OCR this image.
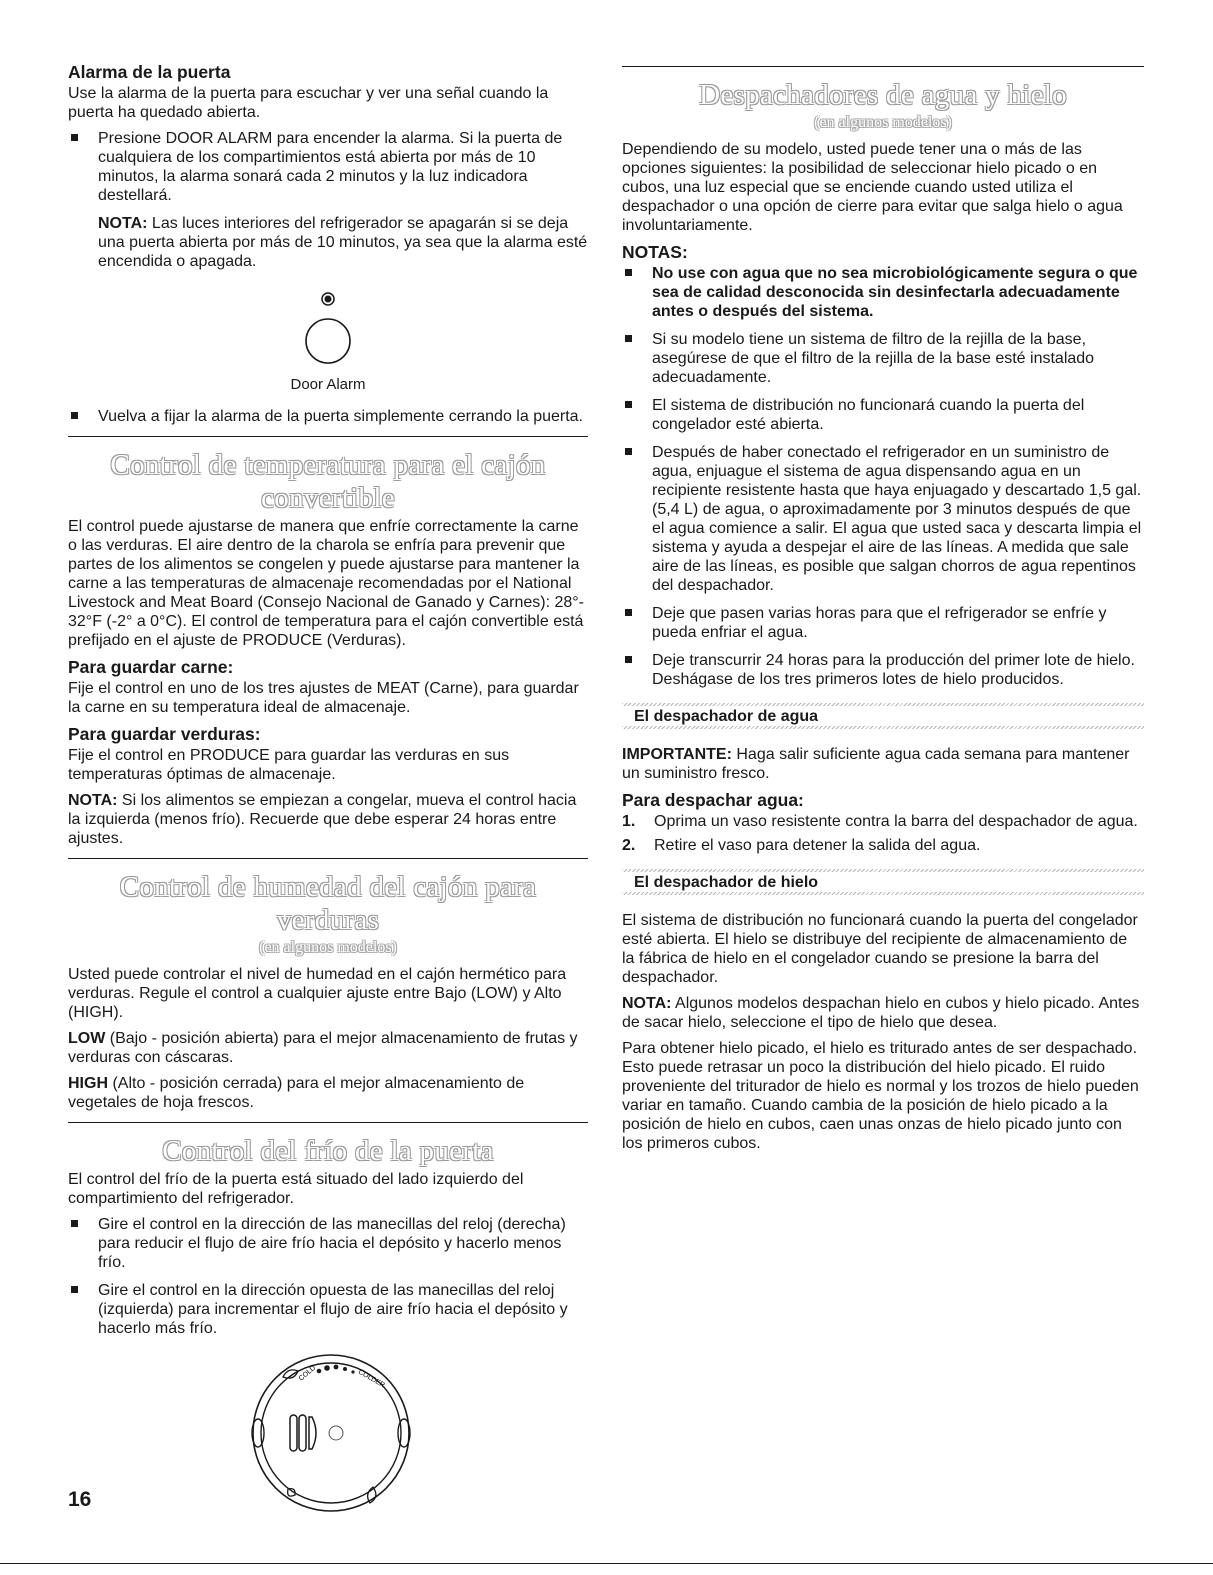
Alarma de la puerta

Use la alarma de la puerta para escuchar y ver una señal cuando la puerta ha quedado abierta.

Presione DOOR ALARM para encender la alarma. Si la puerta de cualquiera de los compartimientos está abierta por más de 10 minutos, la alarma sonará cada 2 minutos y la luz indicadora destellará.

NOTA: Las luces interiores del refrigerador se apagarán si se deja una puerta abierta por más de 10 minutos, ya sea que la alarma esté encendida o apagada.

Door Alarm
Vuelva a fijar la alarma de la puerta simplemente cerrando la puerta.
Control de temperatura para el cajón convertible

El control puede ajustarse de manera que enfríe correctamente la carne o las verduras. El aire dentro de la charola se enfría para prevenir que partes de los alimentos se congelen y puede ajustarse para mantener la carne a las temperaturas de almacenaje recomendadas por el National Livestock and Meat Board (Consejo Nacional de Ganado y Carnes): 28°- 32°F (-2° a 0°C). El control de temperatura para el cajón convertible está prefijado en el ajuste de PRODUCE (Verduras).

Para guardar carne:

Fije el control en uno de los tres ajustes de MEAT (Carne), para guardar la carne en su temperatura ideal de almacenaje.

Para guardar verduras:

Fije el control en PRODUCE para guardar las verduras en sus temperaturas óptimas de almacenaje.

NOTA: Si los alimentos se empiezan a congelar, mueva el control hacia la izquierda (menos frío). Recuerde que debe esperar 24 horas entre ajustes.

Control de humedad del cajón para verduras
(en algunos modelos)

Usted puede controlar el nivel de humedad en el cajón hermético para verduras. Regule el control a cualquier ajuste entre Bajo (LOW) y Alto (HIGH).

LOW (Bajo - posición abierta) para el mejor almacenamiento de frutas y verduras con cáscaras.

HIGH (Alto - posición cerrada) para el mejor almacenamiento de vegetales de hoja frescos.

Control del frío de la puerta

El control del frío de la puerta está situado del lado izquierdo del compartimiento del refrigerador.

Gire el control en la dirección de las manecillas del reloj (derecha) para reducir el flujo de aire frío hacia el depósito y hacerlo menos frío.
Gire el control en la dirección opuesta de las manecillas del reloj (izquierda) para incrementar el flujo de aire frío hacia el depósito y hacerlo más frío.
COLD	COLDER
Despachadores de agua y hielo
(en algunos modelos)

Dependiendo de su modelo, usted puede tener una o más de las opciones siguientes: la posibilidad de seleccionar hielo picado o en cubos, una luz especial que se enciende cuando usted utiliza el despachador o una opción de cierre para evitar que salga hielo o agua involuntariamente.

NOTAS:
No use con agua que no sea microbiológicamente segura o que sea de calidad desconocida sin desinfectarla adecuadamente antes o después del sistema.
Si su modelo tiene un sistema de filtro de la rejilla de la base, asegúrese de que el filtro de la rejilla de la base esté instalado adecuadamente.
El sistema de distribución no funcionará cuando la puerta del congelador esté abierta.
Después de haber conectado el refrigerador en un suministro de agua, enjuague el sistema de agua dispensando agua en un recipiente resistente hasta que haya enjuagado y descartado 1,5 gal. (5,4 L) de agua, o aproximadamente por 3 minutos después de que el agua comience a salir. El agua que usted saca y descarta limpia el sistema y ayuda a despejar el aire de las líneas. A medida que sale aire de las líneas, es posible que salgan chorros de agua repentinos del despachador.
Deje que pasen varias horas para que el refrigerador se enfríe y pueda enfriar el agua.
Deje transcurrir 24 horas para la producción del primer lote de hielo. Deshágase de los tres primeros lotes de hielo producidos.
El despachador de agua

IMPORTANTE: Haga salir suficiente agua cada semana para mantener un suministro fresco.

Para despachar agua:
1. Oprima un vaso resistente contra la barra del despachador de agua.
2. Retire el vaso para detener la salida del agua.
El despachador de hielo

El sistema de distribución no funcionará cuando la puerta del congelador esté abierta. El hielo se distribuye del recipiente de almacenamiento de la fábrica de hielo en el congelador cuando se presione la barra del despachador.

NOTA: Algunos modelos despachan hielo en cubos y hielo picado. Antes de sacar hielo, seleccione el tipo de hielo que desea.

Para obtener hielo picado, el hielo es triturado antes de ser despachado. Esto puede retrasar un poco la distribución del hielo picado. El ruido proveniente del triturador de hielo es normal y los trozos de hielo pueden variar en tamaño. Cuando cambia de la posición de hielo picado a la posición de hielo en cubos, caen unas onzas de hielo picado junto con los primeros cubos.

16
